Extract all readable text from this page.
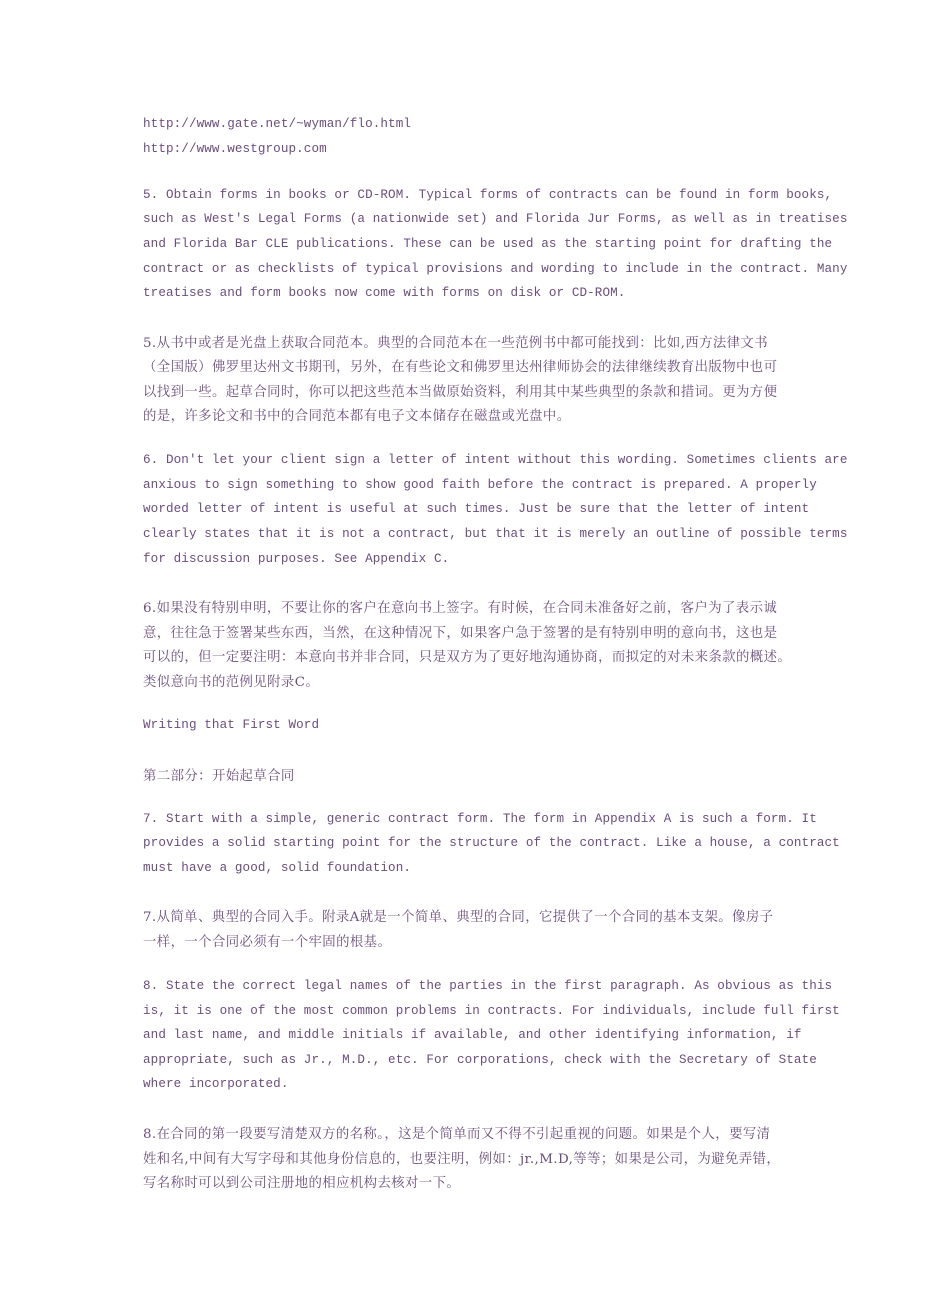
http://www.gate.net/~wyman/flo.html
http://www.westgroup.com
5. Obtain forms in books or CD-ROM. Typical forms of contracts can be found in form books,
such as West's Legal Forms (a nationwide set) and Florida Jur Forms, as well as in treatises
and Florida Bar CLE publications. These can be used as the starting point for drafting the
contract or as checklists of typical provisions and wording to include in the contract. Many
treatises and form books now come with forms on disk or CD-ROM.
5.从书中或者是光盘上获取合同范本。典型的合同范本在一些范例书中都可能找到：比如,西方法律文书
（全国版）佛罗里达州文书期刊，另外，在有些论文和佛罗里达州律师协会的法律继续教育出版物中也可
以找到一些。起草合同时，你可以把这些范本当做原始资料，利用其中某些典型的条款和措词。更为方便
的是，许多论文和书中的合同范本都有电子文本储存在磁盘或光盘中。
6. Don't let your client sign a letter of intent without this wording. Sometimes clients are
anxious to sign something to show good faith before the contract is prepared. A properly
worded letter of intent is useful at such times. Just be sure that the letter of intent
clearly states that it is not a contract, but that it is merely an outline of possible terms
for discussion purposes. See Appendix C.
6.如果没有特别申明，不要让你的客户在意向书上签字。有时候，在合同未准备好之前，客户为了表示诚
意，往往急于签署某些东西，当然，在这种情况下，如果客户急于签署的是有特别申明的意向书，这也是
可以的，但一定要注明：本意向书并非合同，只是双方为了更好地沟通协商，而拟定的对未来条款的概述。
类似意向书的范例见附录C。
Writing that First Word
第二部分：开始起草合同
7. Start with a simple, generic contract form. The form in Appendix A is such a form. It
provides a solid starting point for the structure of the contract. Like a house, a contract
must have a good, solid foundation.
7.从简单、典型的合同入手。附录A就是一个简单、典型的合同，它提供了一个合同的基本支架。像房子
一样，一个合同必须有一个牢固的根基。
8. State the correct legal names of the parties in the first paragraph. As obvious as this
is, it is one of the most common problems in contracts. For individuals, include full first
and last name, and middle initials if available, and other identifying information, if
appropriate, such as Jr., M.D., etc. For corporations, check with the Secretary of State
where incorporated.
8.在合同的第一段要写清楚双方的名称。，这是个简单而又不得不引起重视的问题。如果是个人，要写清
姓和名,中间有大写字母和其他身份信息的，也要注明，例如：jr.,M.D,等等；如果是公司，为避免弄错，
写名称时可以到公司注册地的相应机构去核对一下。
